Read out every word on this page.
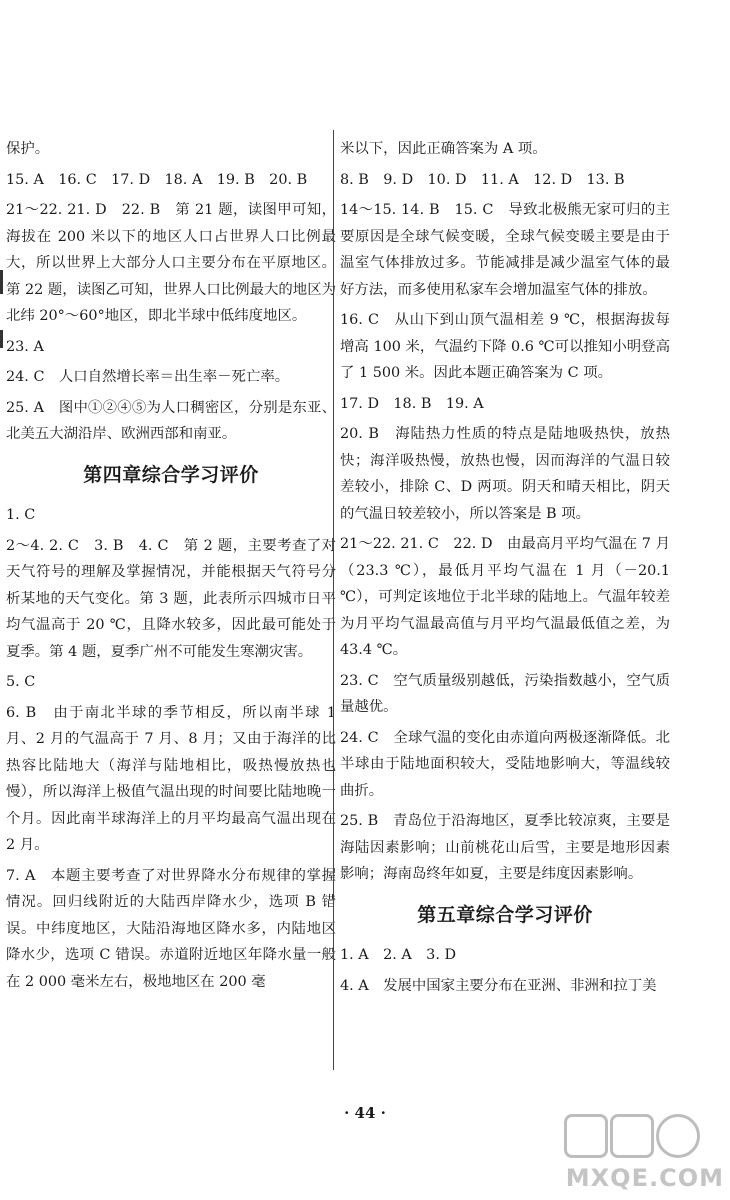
保护。
15. A　16. C　17. D　18. A　19. B　20. B
21～22. 21. D　22. B　第 21 题，读图甲可知，海拔在 200 米以下的地区人口占世界人口比例最大，所以世界上大部分人口主要分布在平原地区。第 22 题，读图乙可知，世界人口比例最大的地区为北纬 20°～60°地区，即北半球中低纬度地区。
23. A
24. C　人口自然增长率＝出生率－死亡率。
25. A　图中①②④⑤为人口稠密区，分别是东亚、北美五大湖沿岸、欧洲西部和南亚。
第四章综合学习评价
1. C
2～4. 2. C　3. B　4. C　第 2 题，主要考查了对天气符号的理解及掌握情况，并能根据天气符号分析某地的天气变化。第 3 题，此表所示四城市日平均气温高于 20 ℃，且降水较多，因此最可能处于夏季。第 4 题，夏季广州不可能发生寒潮灾害。
5. C
6. B　由于南北半球的季节相反，所以南半球 1 月、2 月的气温高于 7 月、8 月；又由于海洋的比热容比陆地大（海洋与陆地相比，吸热慢放热也慢），所以海洋上极值气温出现的时间要比陆地晚一个月。因此南半球海洋上的月平均最高气温出现在 2 月。
7. A　本题主要考查了对世界降水分布规律的掌握情况。回归线附近的大陆西岸降水少，选项 B 错误。中纬度地区，大陆沿海地区降水多，内陆地区降水少，选项 C 错误。赤道附近地区年降水量一般在 2 000 毫米左右，极地地区在 200 毫
米以下，因此正确答案为 A 项。
8. B　9. D　10. D　11. A　12. D　13. B
14～15. 14. B　15. C　导致北极熊无家可归的主要原因是全球气候变暖，全球气候变暖主要是由于温室气体排放过多。节能减排是减少温室气体的最好方法，而多使用私家车会增加温室气体的排放。
16. C　从山下到山顶气温相差 9 ℃，根据海拔每增高 100 米，气温约下降 0.6 ℃可以推知小明登高了 1 500 米。因此本题正确答案为 C 项。
17. D　18. B　19. A
20. B　海陆热力性质的特点是陆地吸热快，放热快；海洋吸热慢，放热也慢，因而海洋的气温日较差较小，排除 C、D 两项。阴天和晴天相比，阴天的气温日较差较小，所以答案是 B 项。
21～22. 21. C　22. D　由最高月平均气温在 7 月（23.3 ℃），最低月平均气温在 1 月（－20.1 ℃），可判定该地位于北半球的陆地上。气温年较差为月平均气温最高值与月平均气温最低值之差，为 43.4 ℃。
23. C　空气质量级别越低，污染指数越小，空气质量越优。
24. C　全球气温的变化由赤道向两极逐渐降低。北半球由于陆地面积较大，受陆地影响大，等温线较曲折。
25. B　青岛位于沿海地区，夏季比较凉爽，主要是海陆因素影响；山前桃花山后雪，主要是地形因素影响；海南岛终年如夏，主要是纬度因素影响。
第五章综合学习评价
1. A　2. A　3. D
4. A　发展中国家主要分布在亚洲、非洲和拉丁美
· 44 ·
MXQE.COM
